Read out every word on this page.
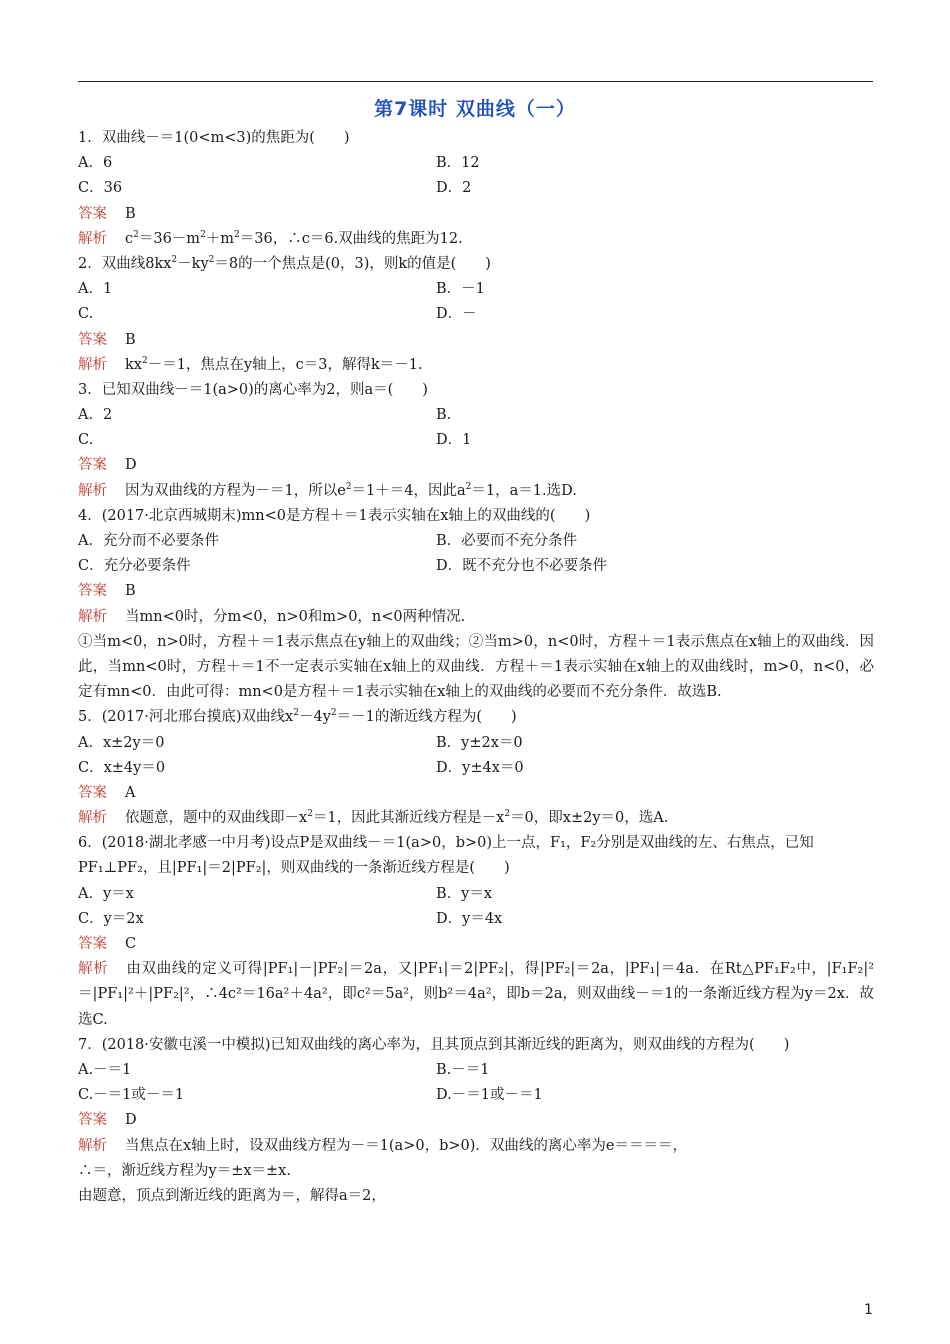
第7课时 双曲线（一）
1．双曲线－＝1(0<m<3)的焦距为(　　)
A．6	B．12
C．36	D．2
答案 B
解析 $c^2=36-m^2+m^2=36$，∴c＝6.双曲线的焦距为12.
2．双曲线$8kx^2-ky^2=8$的一个焦点是(0，3)，则k的值是(　　)
A．1	B．－1
C.	D．－
答案 B
解析 $kx^2-=1$，焦点在y轴上，c＝3，解得k＝－1.
3．已知双曲线－＝1(a>0)的离心率为2，则a＝(　　)
A．2	B.
C.	D．1
答案 D
解析 因为双曲线的方程为－＝1，所以$e^2=1+=4$，因此$a^2=1$，a＝1.选D.
4．(2017·北京西城期末)mn<0是方程＋＝1表示实轴在x轴上的双曲线的(　　)
A．充分而不必要条件	B．必要而不充分条件
C．充分必要条件	D．既不充分也不必要条件
答案 B
解析 当mn<0时，分m<0，n>0和m>0，n<0两种情况.
①当m<0，n>0时，方程＋＝1表示焦点在y轴上的双曲线；②当m>0，n<0时，方程＋＝1表示焦点在x轴上的双曲线．因此，当mn<0时，方程＋＝1不一定表示实轴在x轴上的双曲线．方程＋＝1表示实轴在x轴上的双曲线时，m>0，n<0，必定有mn<0．由此可得：mn<0是方程＋＝1表示实轴在x轴上的双曲线的必要而不充分条件．故选B.
5．(2017·河北邢台摸底)双曲线$x^2-4y^2=-1$的渐近线方程为(　　)
A．x±2y＝0	B．y±2x＝0
C．x±4y＝0	D．y±4x＝0
答案 A
解析 依题意，题中的双曲线即$-x^2=1$，因此其渐近线方程是$-x^2=0$，即x±2y＝0，选A.
6．(2018·湖北孝感一中月考)设点P是双曲线－＝1(a>0，b>0)上一点，F₁，F₂分别是双曲线的左、右焦点，已知
PF₁⊥PF₂，且|PF₁|＝2|PF₂|，则双曲线的一条渐近线方程是(　　)
A．y＝x	B．y＝x
C．y＝2x	D．y＝4x
答案 C
解析 由双曲线的定义可得|PF₁|－|PF₂|＝2a，又|PF₁|＝2|PF₂|，得|PF₂|＝2a，|PF₁|＝4a．在Rt△PF₁F₂中，|F₁F₂|²＝|PF₁|²＋|PF₂|²，∴4c²＝16a²＋4a²，即c²＝5a²，则b²＝4a²，即b＝2a，则双曲线－＝1的一条渐近线方程为y＝2x．故选C.
7．(2018·安徽屯溪一中模拟)已知双曲线的离心率为，且其顶点到其渐近线的距离为，则双曲线的方程为(　　)
A.－＝1	B.－＝1
C.－＝1或－＝1	D.－＝1或－＝1
答案 D
解析 当焦点在x轴上时，设双曲线方程为－＝1(a>0，b>0)．双曲线的离心率为e＝＝＝＝，
∴＝，渐近线方程为y＝±x＝±x.
由题意，顶点到渐近线的距离为＝，解得a＝2，
1
